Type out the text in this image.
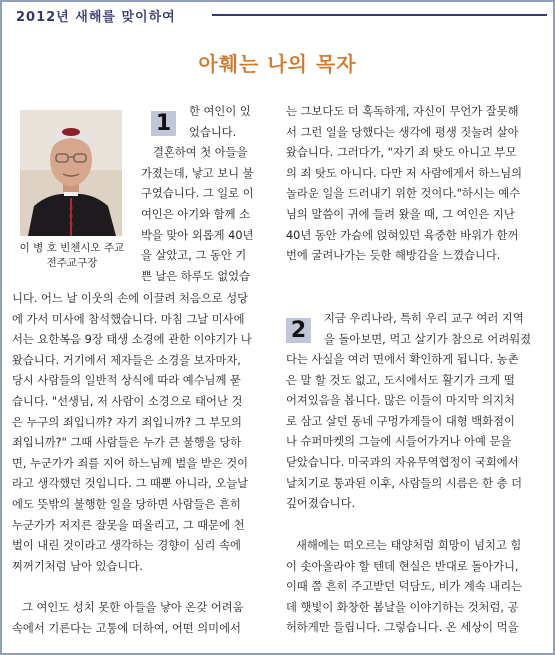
2012년 새해를 맞이하여
아훼는 나의 목자
이 병 호 빈첸시오 주교
전주교구장
1	한 여인이 있
었습니다.
결혼하여 첫 아들을
가졌는데, 낳고 보니 불
구였습니다. 그 일로 이
여인은 아기와 함께 소
박을 맞아 외롭게 40년
을 살았고, 그 동안 기
쁜 날은 하루도 없었습
니다. 어느 날 이웃의 손에 이끌려 처음으로 성당
에 가서 미사에 참석했습니다. 마침 그날 미사에
서는 요한복음 9장 태생 소경에 관한 이야기가 나
왔습니다. 거기에서 제자들은 소경을 보자마자,
당시 사람들의 일반적 상식에 따라 예수님께 묻
습니다. "선생님, 저 사람이 소경으로 태어난 것
은 누구의 죄입니까? 자기 죄입니까? 그 부모의
죄입니까?" 그때 사람들은 누가 큰 불행을 당하
면, 누군가가 죄를 지어 하느님께 벌을 받은 것이
라고 생각했던 것입니다. 그 때뿐 아니라, 오늘날
에도 뜻밖의 불행한 일을 당하면 사람들은 흔히
누군가가 저지른 잘못을 떠올리고, 그 때문에 천
벌이 내린 것이라고 생각하는 경향이 심리 속에
찌꺼기처럼 남아 있습니다.
그 여인도 성치 못한 아들을 낳아 온갖 어려움
속에서 기른다는 고통에 더하여, 어떤 의미에서
는 그보다도 더 혹독하게, 자신이 무언가 잘못해
서 그런 일을 당했다는 생각에 평생 짓눌려 살아
왔습니다. 그러다가, "자기 죄 탓도 아니고 부모
의 죄 탓도 아니다. 다만 저 사람에게서 하느님의
놀라운 일을 드러내기 위한 것이다."하시는 예수
님의 말씀이 귀에 들려 왔을 때, 그 여인은 지난
40년 동안 가슴에 얹혀있던 육중한 바위가 한꺼
번에 굴려나가는 듯한 해방감을 느꼈습니다.
2	지금 우리나라, 특히 우리 교구 여러 지역
을 돌아보면, 먹고 살기가 참으로 어려워졌
다는 사실을 여러 면에서 확인하게 됩니다. 농촌
은 말 할 것도 없고, 도시에서도 활기가 크게 떨
어져있음을 봅니다. 많은 이들이 마지막 의지처
로 삼고 살던 동네 구멍가게들이 대형 백화점이
나 슈퍼마켓의 그늘에 시들어가거나 아예 문을
닫았습니다. 미국과의 자유무역협정이 국회에서
날치기로 통과된 이후, 사람들의 시름은 한 층 더
깊어졌습니다.
새해에는 떠오르는 태양처럼 희망이 넘치고 힘
이 솟아올라야 할 텐데 현실은 반대로 돌아가니,
이때 쯤 흔히 주고받던 덕담도, 비가 계속 내리는
데 햇빛이 화창한 봄날을 이야기하는 것처럼, 공
허하게만 들립니다. 그렇습니다. 온 세상이 먹을
